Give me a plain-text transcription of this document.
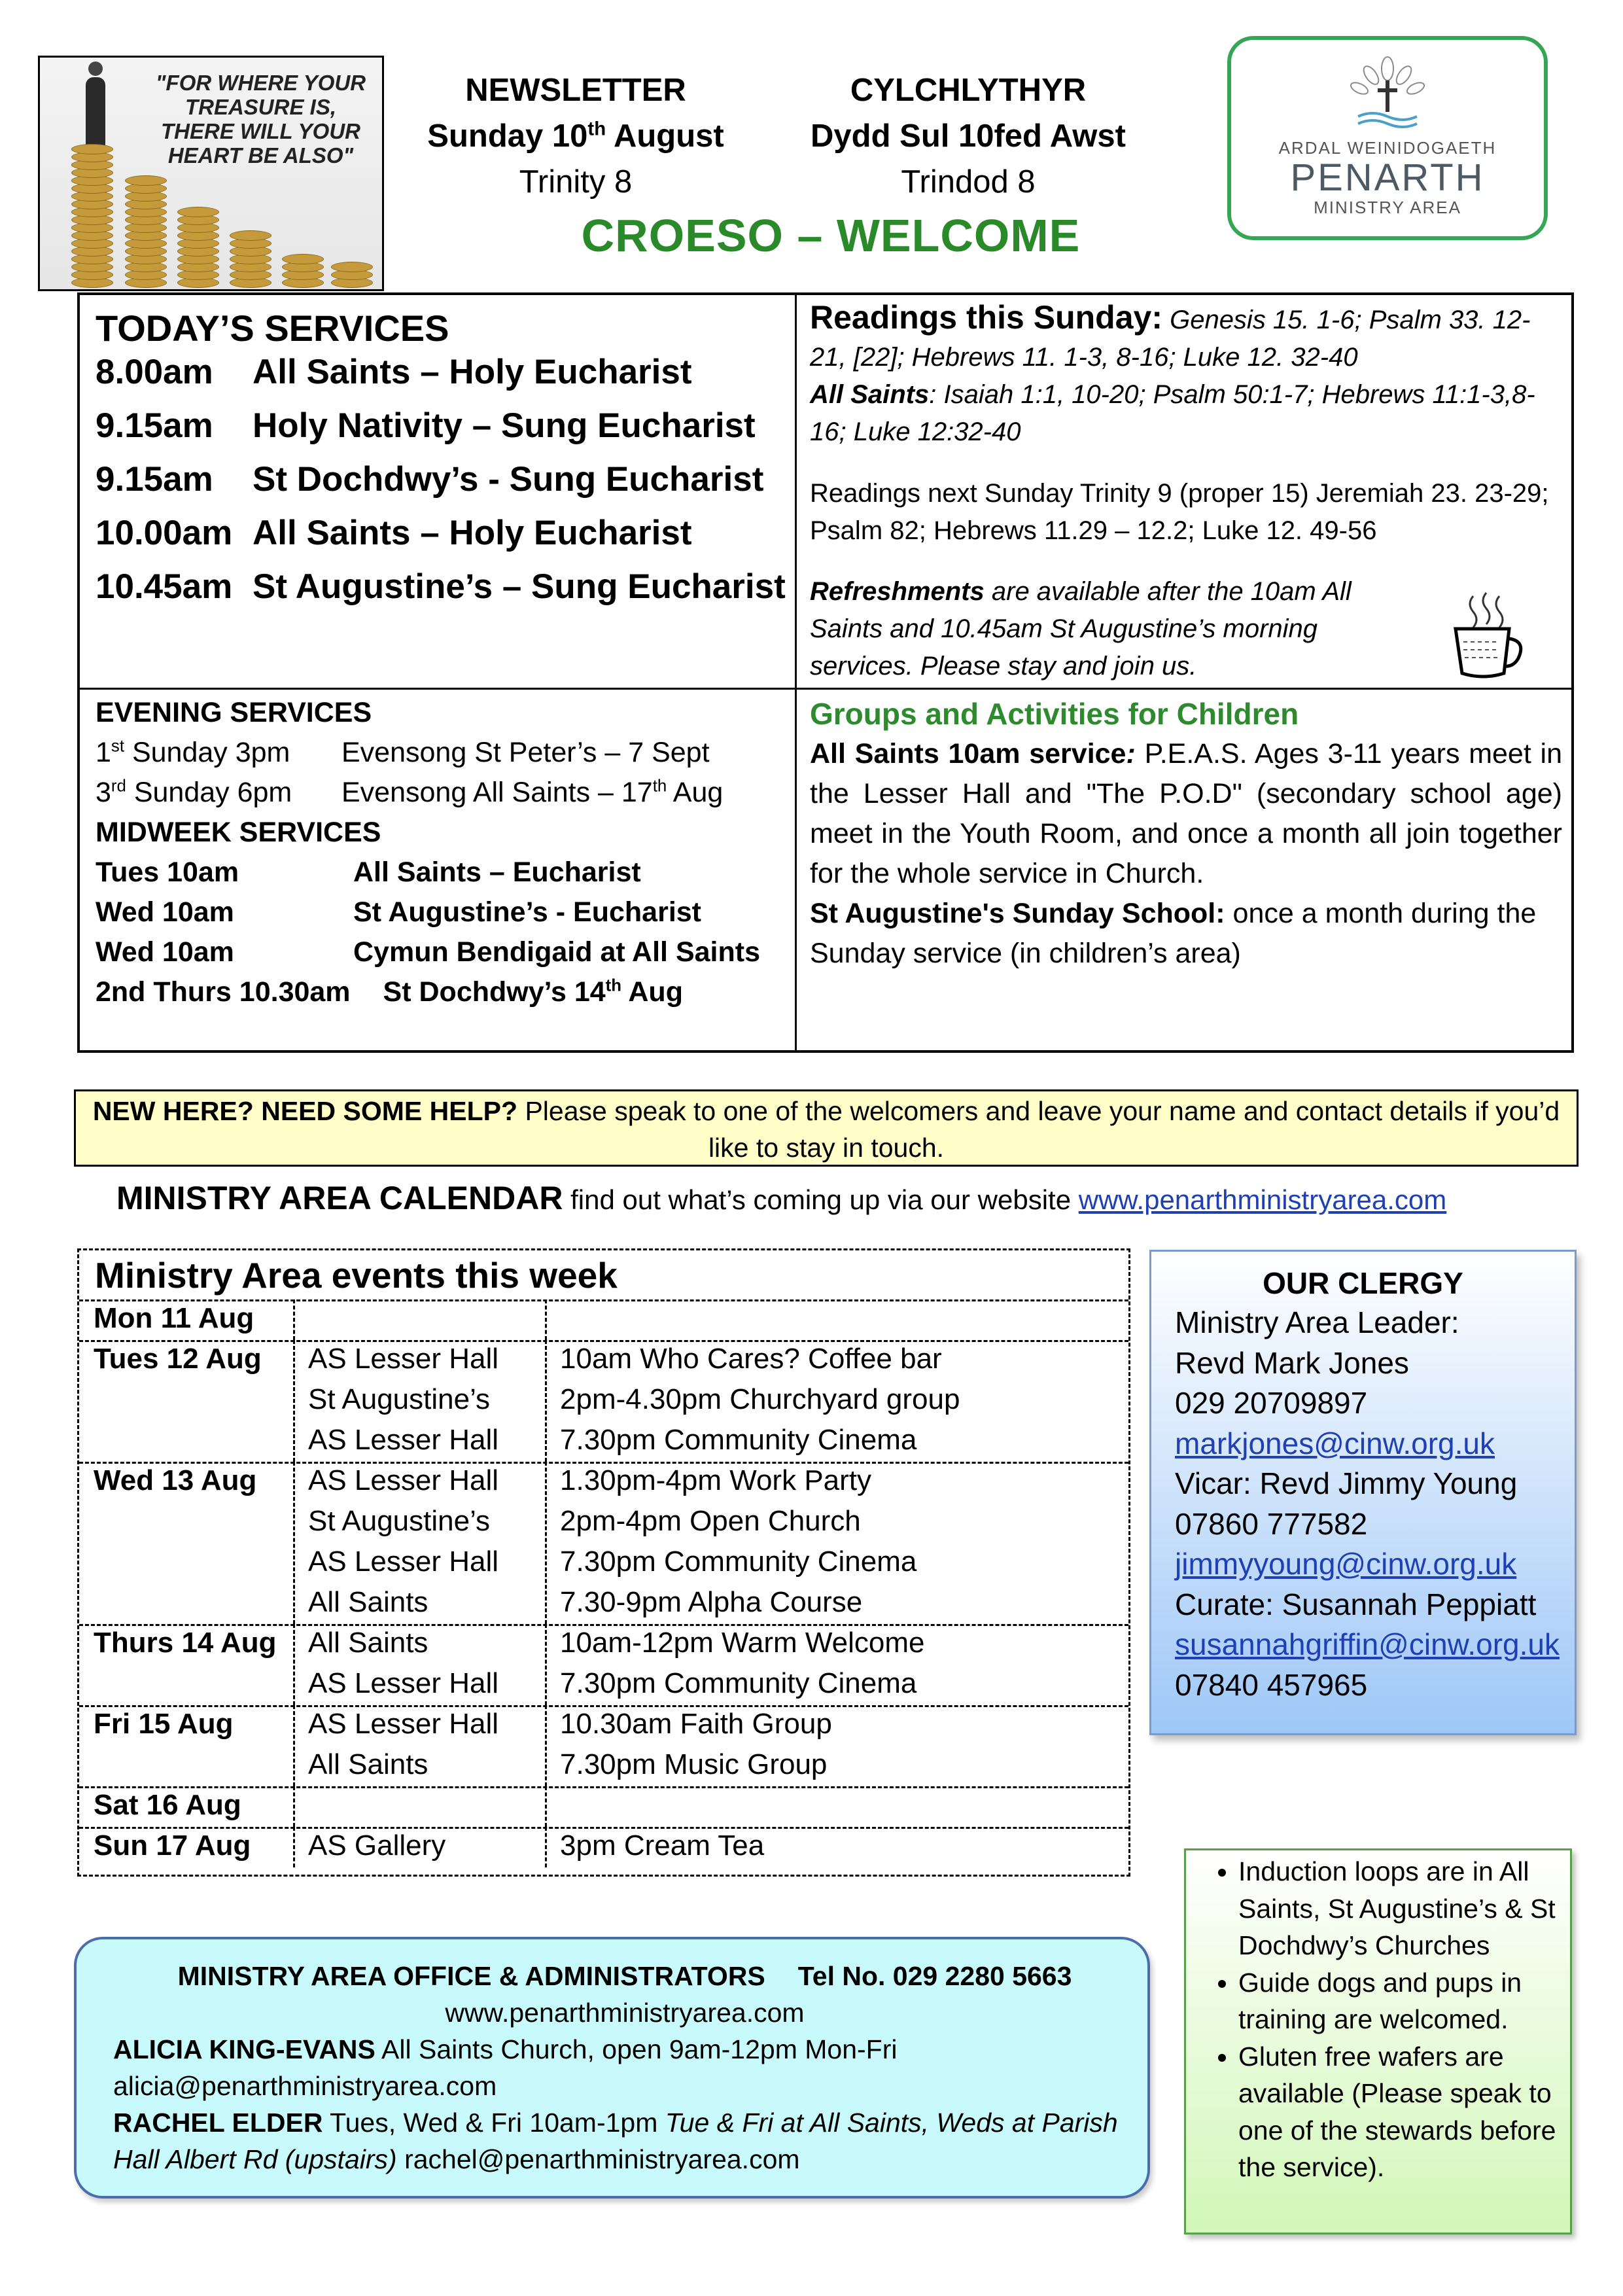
"FOR WHERE YOUR TREASURE IS, THERE WILL YOUR HEART BE ALSO"
NEWSLETTER
Sunday 10th August
Trinity 8
CYLCHLYTHYR
Dydd Sul 10fed Awst
Trindod 8
CROESO – WELCOME
ARDAL WEINIDOGAETH
PENARTH
MINISTRY AREA
TODAY’S SERVICES
8.00am All Saints – Holy Eucharist
9.15am Holy Nativity – Sung Eucharist
9.15am St Dochdwy’s - Sung Eucharist
10.00am All Saints – Holy Eucharist
10.45am St Augustine’s – Sung Eucharist
Readings this Sunday: Genesis 15. 1-6; Psalm 33. 12-21, [22]; Hebrews 11. 1-3, 8-16; Luke 12. 32-40
All Saints: Isaiah 1:1, 10-20; Psalm 50:1-7; Hebrews 11:1-3,8-16; Luke 12:32-40
Readings next Sunday Trinity 9 (proper 15) Jeremiah 23. 23-29; Psalm 82; Hebrews 11.29 – 12.2; Luke 12. 49-56
Refreshments are available after the 10am All Saints and 10.45am St Augustine’s morning services. Please stay and join us.
EVENING SERVICES
1st Sunday 3pm Evensong St Peter’s – 7 Sept
3rd Sunday 6pm Evensong All Saints – 17th Aug
MIDWEEK SERVICES
Tues 10am	All Saints – Eucharist
Wed 10am	St Augustine’s - Eucharist
Wed 10am	Cymun Bendigaid at All Saints
2nd Thurs 10.30am St Dochdwy’s 14th Aug
Groups and Activities for Children
All Saints 10am service: P.E.A.S. Ages 3-11 years meet in the Lesser Hall and "The P.O.D" (secondary school age) meet in the Youth Room, and once a month all join together for the whole service in Church.
St Augustine's Sunday School: once a month during the Sunday service (in children’s area)
NEW HERE? NEED SOME HELP? Please speak to one of the welcomers and leave your name and contact details if you’d like to stay in touch.
MINISTRY AREA CALENDAR find out what’s coming up via our website www.penarthministryarea.com
Ministry Area events this week
Mon 11 Aug
Tues 12 Aug AS Lesser Hall 10am Who Cares? Coffee bar
St Augustine’s 2pm-4.30pm Churchyard group
AS Lesser Hall 7.30pm Community Cinema
Wed 13 Aug AS Lesser Hall 1.30pm-4pm Work Party
St Augustine’s 2pm-4pm Open Church
AS Lesser Hall 7.30pm Community Cinema
All Saints	7.30-9pm Alpha Course
Thurs 14 Aug All Saints	10am-12pm Warm Welcome
AS Lesser Hall 7.30pm Community Cinema
Fri 15 Aug	AS Lesser Hall 10.30am Faith Group
All Saints	7.30pm Music Group
Sat 16 Aug
Sun 17 Aug AS Gallery	3pm Cream Tea
OUR CLERGY
Ministry Area Leader:
Revd Mark Jones
029 20709897
markjones@cinw.org.uk
Vicar: Revd Jimmy Young
07860 777582
jimmyyoung@cinw.org.uk
Curate: Susannah Peppiatt
susannahgriffin@cinw.org.uk
07840 457965
• Induction loops are in All Saints, St Augustine’s & St Dochdwy’s Churches
• Guide dogs and pups in training are welcomed.
• Gluten free wafers are available (Please speak to one of the stewards before the service).
MINISTRY AREA OFFICE & ADMINISTRATORS Tel No. 029 2280 5663
www.penarthministryarea.com
ALICIA KING-EVANS All Saints Church, open 9am-12pm Mon-Fri
alicia@penarthministryarea.com
RACHEL ELDER Tues, Wed & Fri 10am-1pm Tue & Fri at All Saints, Weds at Parish Hall Albert Rd (upstairs) rachel@penarthministryarea.com
